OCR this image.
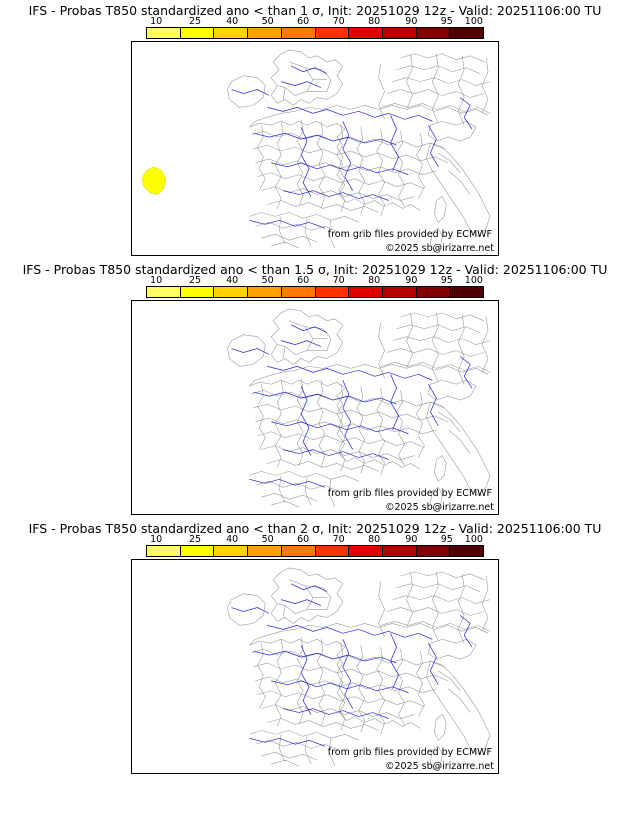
IFS - Probas T850 standardized ano < than 1 σ, Init: 20251029 12z - Valid: 20251106:00 TU
10	25	40 50 60 70 80	90 95 100
from grib files provided by ECMWF
©2025 sb@irizarre.net
IFS - Probas T850 standardized ano < than 1.5 σ, Init: 20251029 12z - Valid: 20251106:00 TU
10	25	40 50 60 70 80	90 95 100
from grib files provided by ECMWF
©2025 sb@irizarre.net
IFS - Probas T850 standardized ano < than 2 σ, Init: 20251029 12z - Valid: 20251106:00 TU
10	25	40 50 60 70 80	90 95 100
from grib files provided by ECMWF
©2025 sb@irizarre.net
